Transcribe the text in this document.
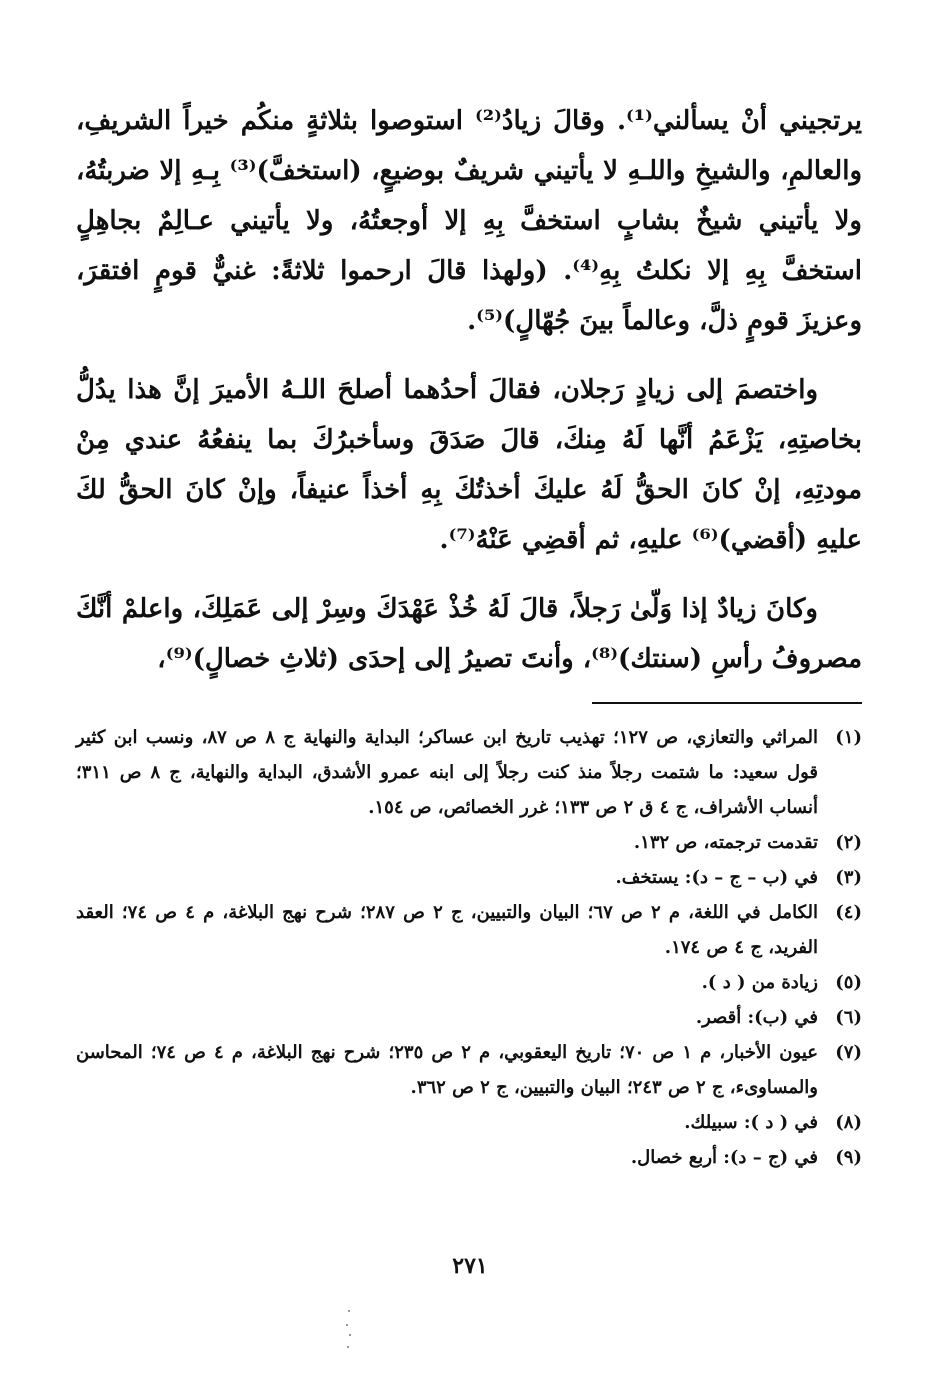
يرتجيني أنْ يسألني⁽¹⁾. وقالَ زيادُ⁽²⁾ استوصوا بثلاثةٍ منكُم خيراً الشريفِ، والعالمِ، والشيخِ واللـهِ لا يأتيني شريفٌ بوضيعٍ، (استخفَّ)⁽³⁾ بِـهِ إلا ضربتُهُ، ولا يأتيني شيخٌ بشابٍ استخفَّ بِهِ إلا أوجعتُهُ، ولا يأتيني عـالِمٌ بجاهِلٍ استخفَّ بِهِ إلا نكلتُ بِهِ⁽⁴⁾. (ولهذا قالَ ارحموا ثلاثةً: غنيٌّ قومٍ افتقرَ، وعزيزَ قومٍ ذلَّ، وعالماً بينَ جُهّالٍ)⁽⁵⁾.

واختصمَ إلى زيادٍ رَجلان، فقالَ أحدُهما أصلحَ اللـهُ الأميرَ إنَّ هذا يدُلُّ بخاصتِهِ، يَزْعَمُ أنَّها لَهُ مِنكَ، قالَ صَدَقَ وسأخبرُكَ بما ينفعُهُ عندي مِنْ مودتِهِ، إنْ كانَ الحقُّ لَهُ عليكَ أخذتُكَ بِهِ أخذاً عنيفاً، وإنْ كانَ الحقُّ لكَ عليهِ (أقضي)⁽⁶⁾ عليهِ، ثم أقضِي عَنْهُ⁽⁷⁾.

وكانَ زيادٌ إذا وَلّىٰ رَجلاً، قالَ لَهُ خُذْ عَهْدَكَ وسِرْ إلى عَمَلِكَ، واعلمْ أنَّكَ مصروفُ رأسِ (سنتك)⁽⁸⁾، وأنتَ تصيرُ إلى إحدَى (ثلاثِ خصالٍ)⁽⁹⁾،

(١)
المراثي والتعازي، ص ١٢٧؛ تهذيب تاريخ ابن عساكر؛ البداية والنهاية ج ٨ ص ٨٧، ونسب ابن كثير قول سعيد: ما شتمت رجلاً منذ كنت رجلاً إلى ابنه عمرو الأشدق، البداية والنهاية، ج ٨ ص ٣١١؛ أنساب الأشراف، ج ٤ ق ٢ ص ١٣٣؛ غرر الخصائص، ص ١٥٤.
(٢)
تقدمت ترجمته، ص ١٣٢.
(٣)
في (ب – ج – د): يستخف.
(٤)
الكامل في اللغة، م ٢ ص ٦٧؛ البيان والتبيين، ج ٢ ص ٢٨٧؛ شرح نهج البلاغة، م ٤ ص ٧٤؛ العقد الفريد، ج ٤ ص ١٧٤.
(٥)
زيادة من ( د ).
(٦)
في (ب): أقصر.
(٧)
عيون الأخبار، م ١ ص ٧٠؛ تاريخ اليعقوبي، م ٢ ص ٢٣٥؛ شرح نهج البلاغة، م ٤ ص ٧٤؛ المحاسن والمساوىء، ج ٢ ص ٢٤٣؛ البيان والتبيين، ج ٢ ص ٣٦٢.
(٨)
في ( د ): سبيلك.
(٩)
في (ج – د): أربع خصال.
٢٧١
